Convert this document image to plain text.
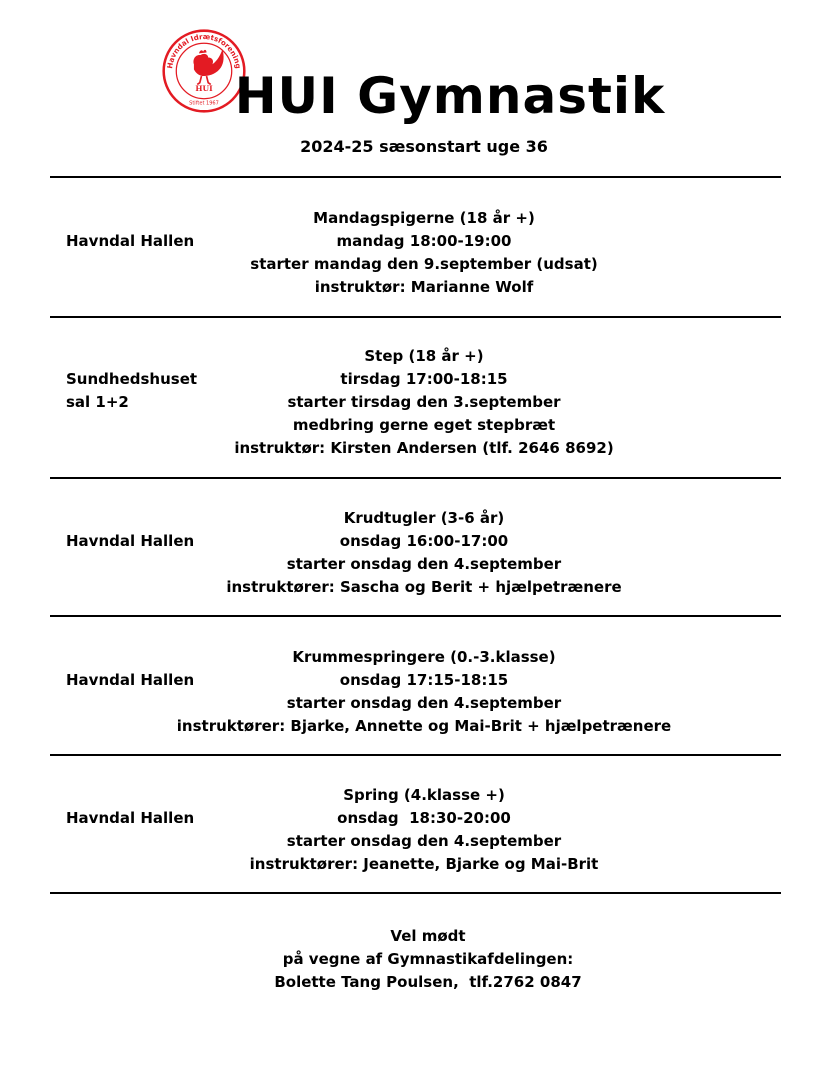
Havndal Idrætsforening
HUI
Stiftet 1967 HUI Gymnastik
2024-25 sæsonstart uge 36
Havndal Hallen
Mandagspigerne (18 år +)
mandag 18:00-19:00
starter mandag den 9.september (udsat)
instruktør: Marianne Wolf
Sundhedshuset
sal 1+2
Step (18 år +)
tirsdag 17:00-18:15
starter tirsdag den 3.september
medbring gerne eget stepbræt
instruktør: Kirsten Andersen (tlf. 2646 8692)
Havndal Hallen
Krudtugler (3-6 år)
onsdag 16:00-17:00
starter onsdag den 4.september
instruktører: Sascha og Berit + hjælpetrænere
Havndal Hallen
Krummespringere (0.-3.klasse)
onsdag 17:15-18:15
starter onsdag den 4.september
instruktører: Bjarke, Annette og Mai-Brit + hjælpetrænere
Havndal Hallen
Spring (4.klasse +)
onsdag  18:30-20:00
starter onsdag den 4.september
instruktører: Jeanette, Bjarke og Mai-Brit
Vel mødt
på vegne af Gymnastikafdelingen:
Bolette Tang Poulsen,  tlf.2762 0847
